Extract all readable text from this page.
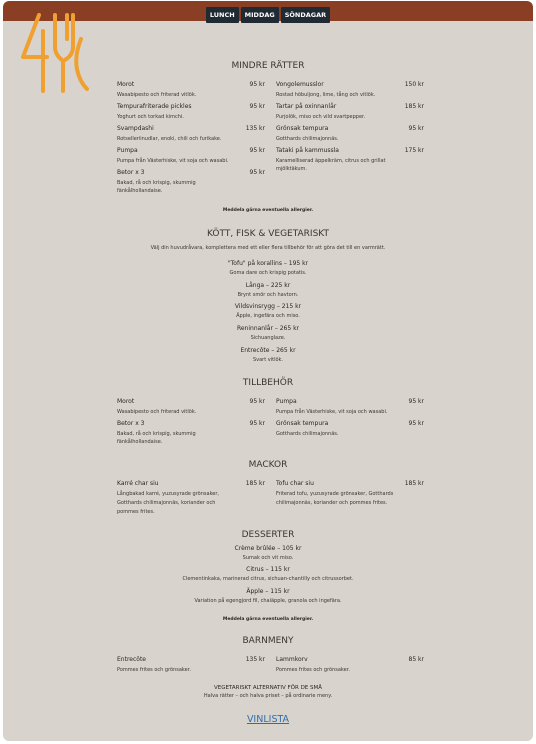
LUNCH MIDDAG SÖNDAGAR
MINDRE RÄTTER
Morot	95 kr
Wasabipesto och friterad vitlök.
Tempurafriterade pickles	95 kr
Yoghurt och torkad kimchi.
Svampdashi	135 kr
Rotselleriinudlar, enoki, chili och furikake.
Pumpa	95 kr
Pumpa från Västerhiske, vit soja och wasabi.
Betor x 3	95 kr
Bakad, rå och krispig, skummig
fänkålhollandaise.
Vongolemusslor	150 kr
Rostad höbuljong, lime, tång och vitlök.
Tartar på oxinnanlår	185 kr
Purjolök, miso och vild svartpepper.
Grönsak tempura	95 kr
Gotthards chilimajonnäs.
Tataki på kammussla	175 kr
Karamelliserad äppelkräm, citrus och grillat
mjölktäkum.
Meddela gärna eventuella allergier.
KÖTT, FISK & VEGETARISKT
Välj din huvudråvara, komplettera med ett eller flera tillbehör för att göra det till en varmrätt.
"Tofu" på korallins – 195 kr
Goma dare och krispig potatis.
Långa – 225 kr
Brynt smör och havtorn.
Vildsvinsrygg – 215 kr
Äpple, ingefära och miso.
Reninnanlår – 265 kr
Sichuanglaze.
Entrecôte – 265 kr
Svart vitlök.
TILLBEHÖR
Morot	95 kr
Wasabipesto och friterad vitlök.
Betor x 3	95 kr
Bakad, rå och krispig, skummig
fänkålhollandaise.
Pumpa	95 kr
Pumpa från Västerhiske, vit soja och wasabi.
Grönsak tempura	95 kr
Gotthards chilimajonnäs.
MACKOR
Karré char siu	185 kr
Långbakad karré, yuzusyrade grönsaker,
Gotthards chilimajonnäs, koriander och
pommes frites.
Tofu char siu	185 kr
Friterad tofu, yuzusyrade grönsaker, Gotthards
chilimajonnäs, koriander och pommes frites.
DESSERTER
Crème brûlée – 105 kr
Sumak och vit miso.
Citrus – 115 kr
Clementinkaka, marinerad citrus, sichuan-chantilly och citrussorbet.
Äpple – 115 kr
Variation på egengjord fil, chaiäpple, granola och ingefära.
Meddela gärna eventuella allergier.
BARNMENY
Entrecôte	135 kr
Pommes frites och grönsaker.
Lammkorv	85 kr
Pommes frites och grönsaker.
VEGETARISKT ALTERNATIV FÖR DE SMÅ
Halva rätter – och halva priset – på ordinarie meny.
VINLISTA
